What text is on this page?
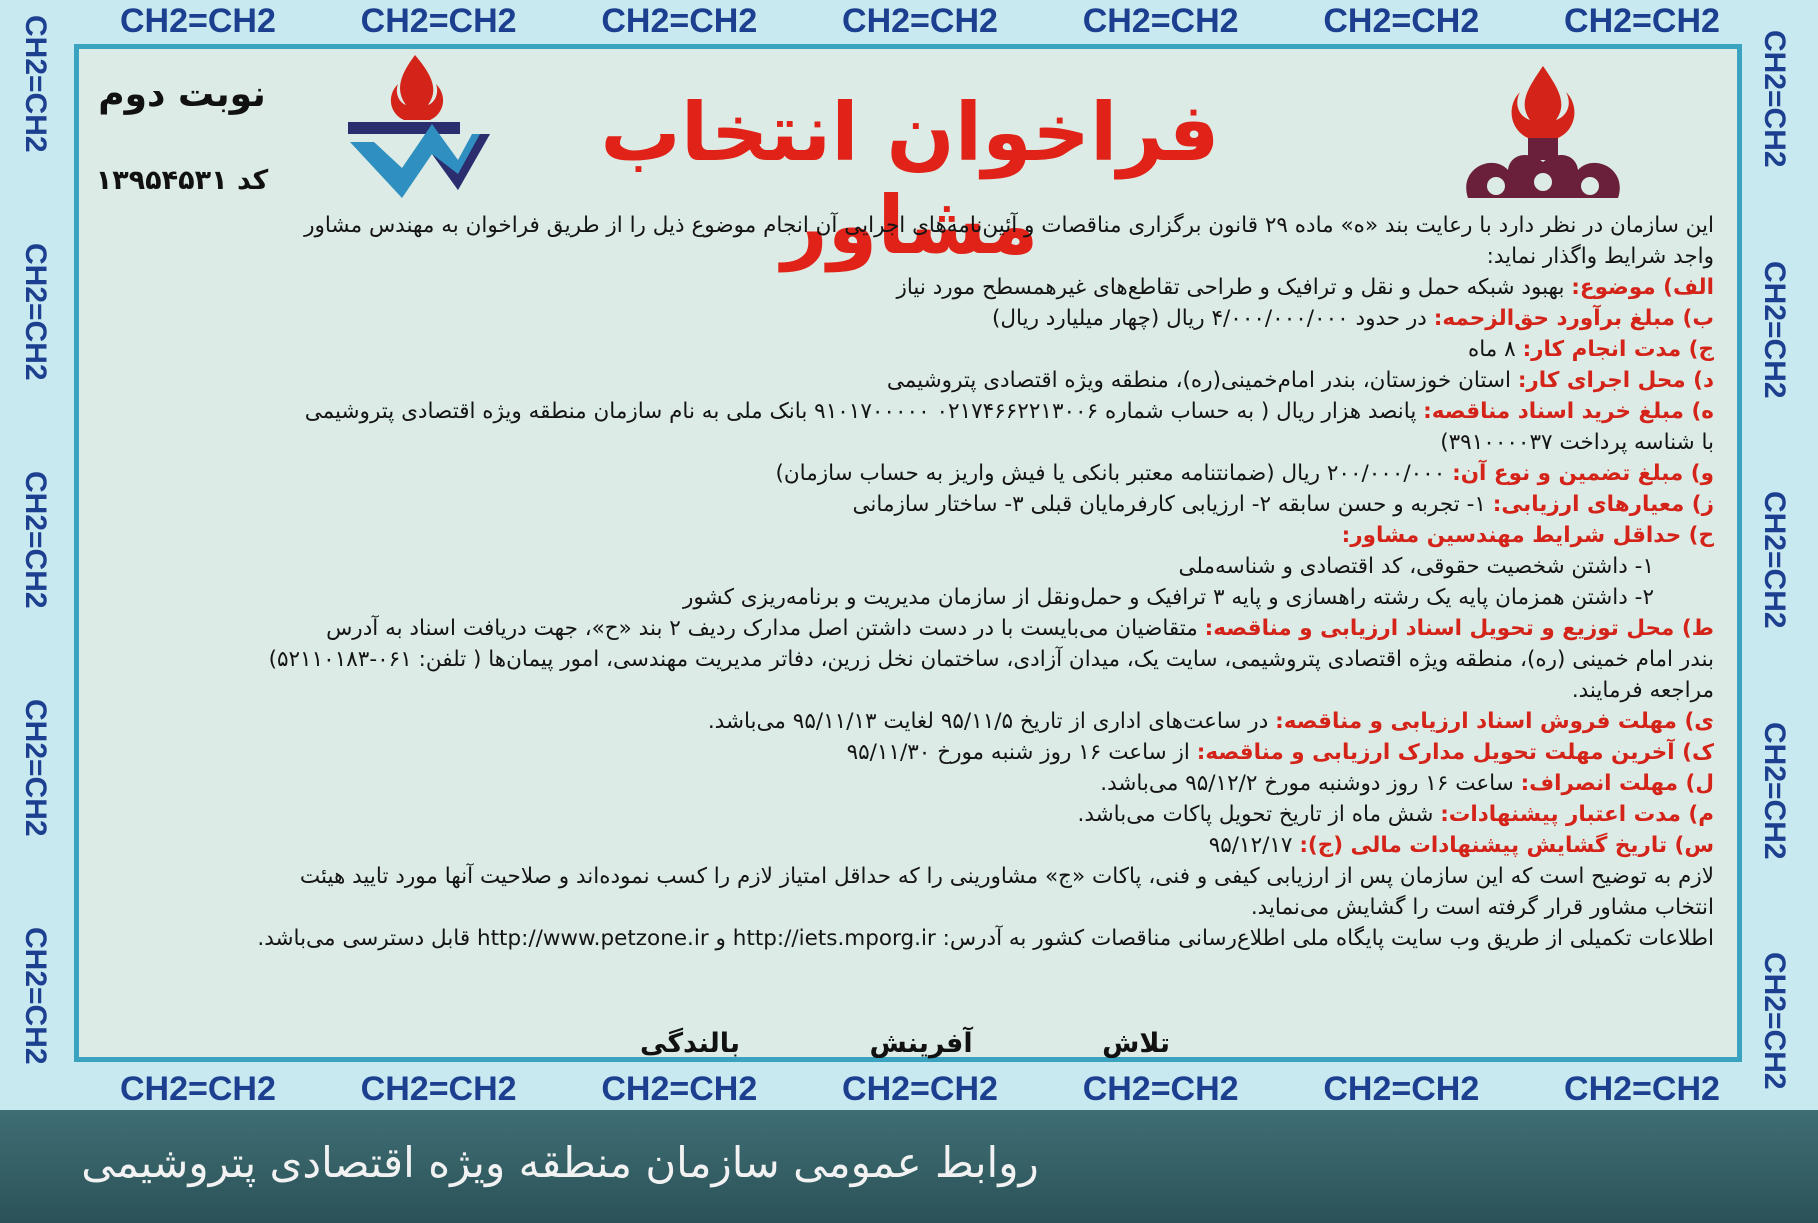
CH2=CH2 CH2=CH2 CH2=CH2 CH2=CH2 CH2=CH2 CH2=CH2 CH2=CH2
CH2=CH2 CH2=CH2 CH2=CH2 CH2=CH2 CH2=CH2 CH2=CH2 CH2=CH2
CH2=CH2
CH2=CH2
CH2=CH2
CH2=CH2
CH2=CH2
CH2=CH2
CH2=CH2
CH2=CH2
CH2=CH2
CH2=CH2
فراخوان انتخاب مشاور
نوبت دوم
کد ۱۳۹۵۴۵۳۱

این سازمان در نظر دارد با رعایت بند «ه» ماده ۲۹ قانون برگزاری مناقصات و آئین‌نامه‌های اجرایی آن انجام موضوع ذیل را از طریق فراخوان به مهندس مشاور

واجد شرایط واگذار نماید:

الف) موضوع: بهبود شبکه حمل و نقل و ترافیک و طراحی تقاطع‌های غیرهمسطح مورد نیاز

ب) مبلغ برآورد حق‌الزحمه: در حدود ۴/۰۰۰/۰۰۰/۰۰۰ ریال (چهار میلیارد ریال)

ج) مدت انجام کار: ۸ ماه

د) محل اجرای کار: استان خوزستان، بندر امام‌خمینی(ره)، منطقه ویژه اقتصادی پتروشیمی

ه) مبلغ خرید اسناد مناقصه: پانصد هزار ریال ( به حساب شماره ۰۲۱۷۴۶۶۲۲۱۳۰۰۶ ۹۱۰۱۷۰۰۰۰۰ بانک ملی به نام سازمان منطقه ویژه اقتصادی پتروشیمی

با شناسه پرداخت ۳۹۱۰۰۰۰۳۷)

و) مبلغ تضمین و نوع آن: ۲۰۰/۰۰۰/۰۰۰ ریال (ضمانتنامه معتبر بانکی یا فیش واریز به حساب سازمان)

ز) معیارهای ارزیابی: ۱- تجربه و حسن سابقه ۲- ارزیابی کارفرمایان قبلی ۳- ساختار سازمانی

ح) حداقل شرایط مهندسین مشاور:

۱- داشتن شخصیت حقوقی، کد اقتصادی و شناسه‌ملی

۲- داشتن همزمان پایه یک رشته راهسازی و پایه ۳ ترافیک و حمل‌ونقل از سازمان مدیریت و برنامه‌ریزی کشور

ط) محل توزیع و تحویل اسناد ارزیابی و مناقصه: متقاضیان می‌بایست با در دست داشتن اصل مدارک ردیف ۲ بند «ح»، جهت دریافت اسناد به آدرس

بندر امام خمینی (ره)، منطقه ویژه اقتصادی پتروشیمی، سایت یک، میدان آزادی، ساختمان نخل زرین، دفاتر مدیریت مهندسی، امور پیمان‌ها ( تلفن: ۰۶۱-۵۲۱۱۰۱۸۳)

مراجعه فرمایند.

ی) مهلت فروش اسناد ارزیابی و مناقصه: در ساعت‌های اداری از تاریخ ۹۵/۱۱/۵ لغایت ۹۵/۱۱/۱۳ می‌باشد.

ک) آخرین مهلت تحویل مدارک ارزیابی و مناقصه: از ساعت ۱۶ روز شنبه مورخ ۹۵/۱۱/۳۰

ل) مهلت انصراف: ساعت ۱۶ روز دوشنبه مورخ ۹۵/۱۲/۲ می‌باشد.

م) مدت اعتبار پیشنهادات: شش ماه از تاریخ تحویل پاکات می‌باشد.

س) تاریخ گشایش پیشنهادات مالی (ج): ۹۵/۱۲/۱۷

لازم به توضیح است که این سازمان پس از ارزیابی کیفی و فنی، پاکات «ج» مشاورینی را که حداقل امتیاز لازم را کسب نموده‌اند و صلاحیت آنها مورد تایید هیئت

انتخاب مشاور قرار گرفته است را گشایش می‌نماید.

اطلاعات تکمیلی از طریق وب سایت پایگاه ملی اطلاع‌رسانی مناقصات کشور به آدرس: http://iets.mporg.ir و http://www.petzone.ir قابل دسترسی می‌باشد.

تلاش
آفرینش
بالندگی
روابط عمومی سازمان منطقه ویژه اقتصادی پتروشیمی
